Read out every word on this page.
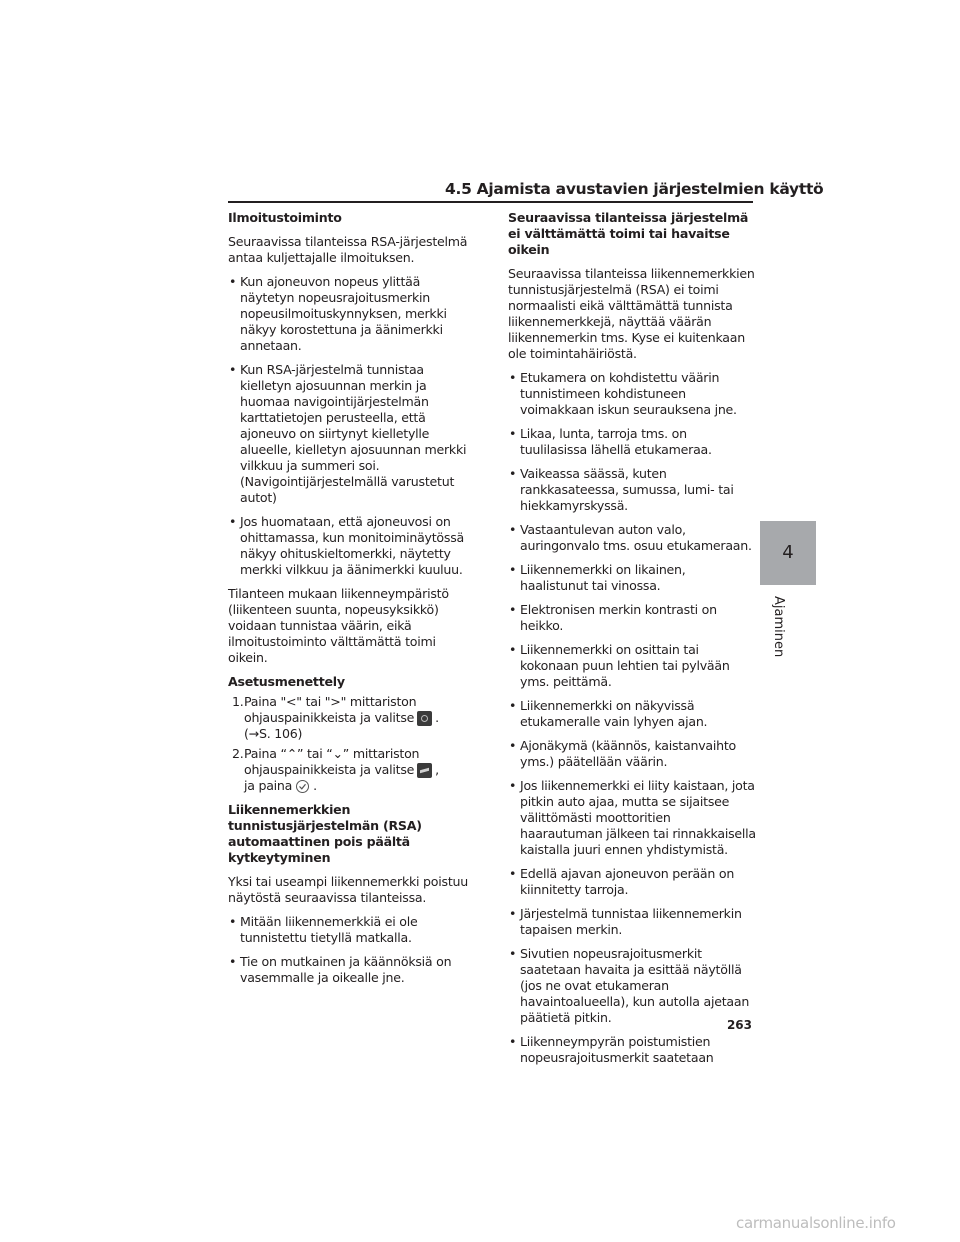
4.5 Ajamista avustavien järjestelmien käyttö

Ilmoitustoiminto

Seuraavissa tilanteissa RSA-järjestelmä antaa kuljettajalle ilmoituksen.

• Kun ajoneuvon nopeus ylittää näytetyn nopeusrajoitusmerkin nopeusilmoituskynnyksen, merkki näkyy korostettuna ja äänimerkki annetaan.
• Kun RSA-järjestelmä tunnistaa kielletyn ajosuunnan merkin ja huomaa navigointijärjestelmän karttatietojen perusteella, että ajoneuvo on siirtynyt kielletylle alueelle, kielletyn ajosuunnan merkki vilkkuu ja summeri soi. (Navigointijärjestelmällä varustetut autot)
• Jos huomataan, että ajoneuvosi on ohittamassa, kun monitoiminäytössä näkyy ohituskieltomerkki, näytetty merkki vilkkuu ja äänimerkki kuuluu.

Tilanteen mukaan liikenneympäristö (liikenteen suunta, nopeusyksikkö) voidaan tunnistaa väärin, eikä ilmoitustoiminto välttämättä toimi oikein.

Asetusmenettely

1. Paina "<" tai ">" mittariston ohjauspainikkeista ja valitse .
(→S. 106)
2. Paina “⌃” tai “⌄” mittariston ohjauspainikkeista ja valitse ,
ja paina .

Liikennemerkkien tunnistusjärjestelmän (RSA) automaattinen pois päältä kytkeytyminen

Yksi tai useampi liikennemerkki poistuu näytöstä seuraavissa tilanteissa.

• Mitään liikennemerkkiä ei ole tunnistettu tietyllä matkalla.
• Tie on mutkainen ja käännöksiä on vasemmalle ja oikealle jne.

Seuraavissa tilanteissa järjestelmä ei välttämättä toimi tai havaitse oikein

Seuraavissa tilanteissa liikennemerkkien tunnistusjärjestelmä (RSA) ei toimi normaalisti eikä välttämättä tunnista liikennemerkkejä, näyttää väärän liikennemerkin tms. Kyse ei kuitenkaan ole toimintahäiriöstä.

• Etukamera on kohdistettu väärin tunnistimeen kohdistuneen voimakkaan iskun seurauksena jne.
• Likaa, lunta, tarroja tms. on tuulilasissa lähellä etukameraa.
• Vaikeassa säässä, kuten rankkasateessa, sumussa, lumi- tai hiekkamyrskyssä.
• Vastaantulevan auton valo, auringonvalo tms. osuu etukameraan.
• Liikennemerkki on likainen, haalistunut tai vinossa.
• Elektronisen merkin kontrasti on heikko.
• Liikennemerkki on osittain tai kokonaan puun lehtien tai pylvään yms. peittämä.
• Liikennemerkki on näkyvissä etukameralle vain lyhyen ajan.
• Ajonäkymä (käännös, kaistanvaihto yms.) päätellään väärin.
• Jos liikennemerkki ei liity kaistaan, jota pitkin auto ajaa, mutta se sijaitsee välittömästi moottoritien haarautuman jälkeen tai rinnakkaisella kaistalla juuri ennen yhdistymistä.
• Edellä ajavan ajoneuvon perään on kiinnitetty tarroja.
• Järjestelmä tunnistaa liikennemerkin tapaisen merkin.
• Sivutien nopeusrajoitusmerkit saatetaan havaita ja esittää näytöllä (jos ne ovat etukameran havaintoalueella), kun autolla ajetaan päätietä pitkin.
• Liikenneympyrän poistumistien nopeusrajoitusmerkit saatetaan
4
Ajaminen
263
carmanualsonline.info
